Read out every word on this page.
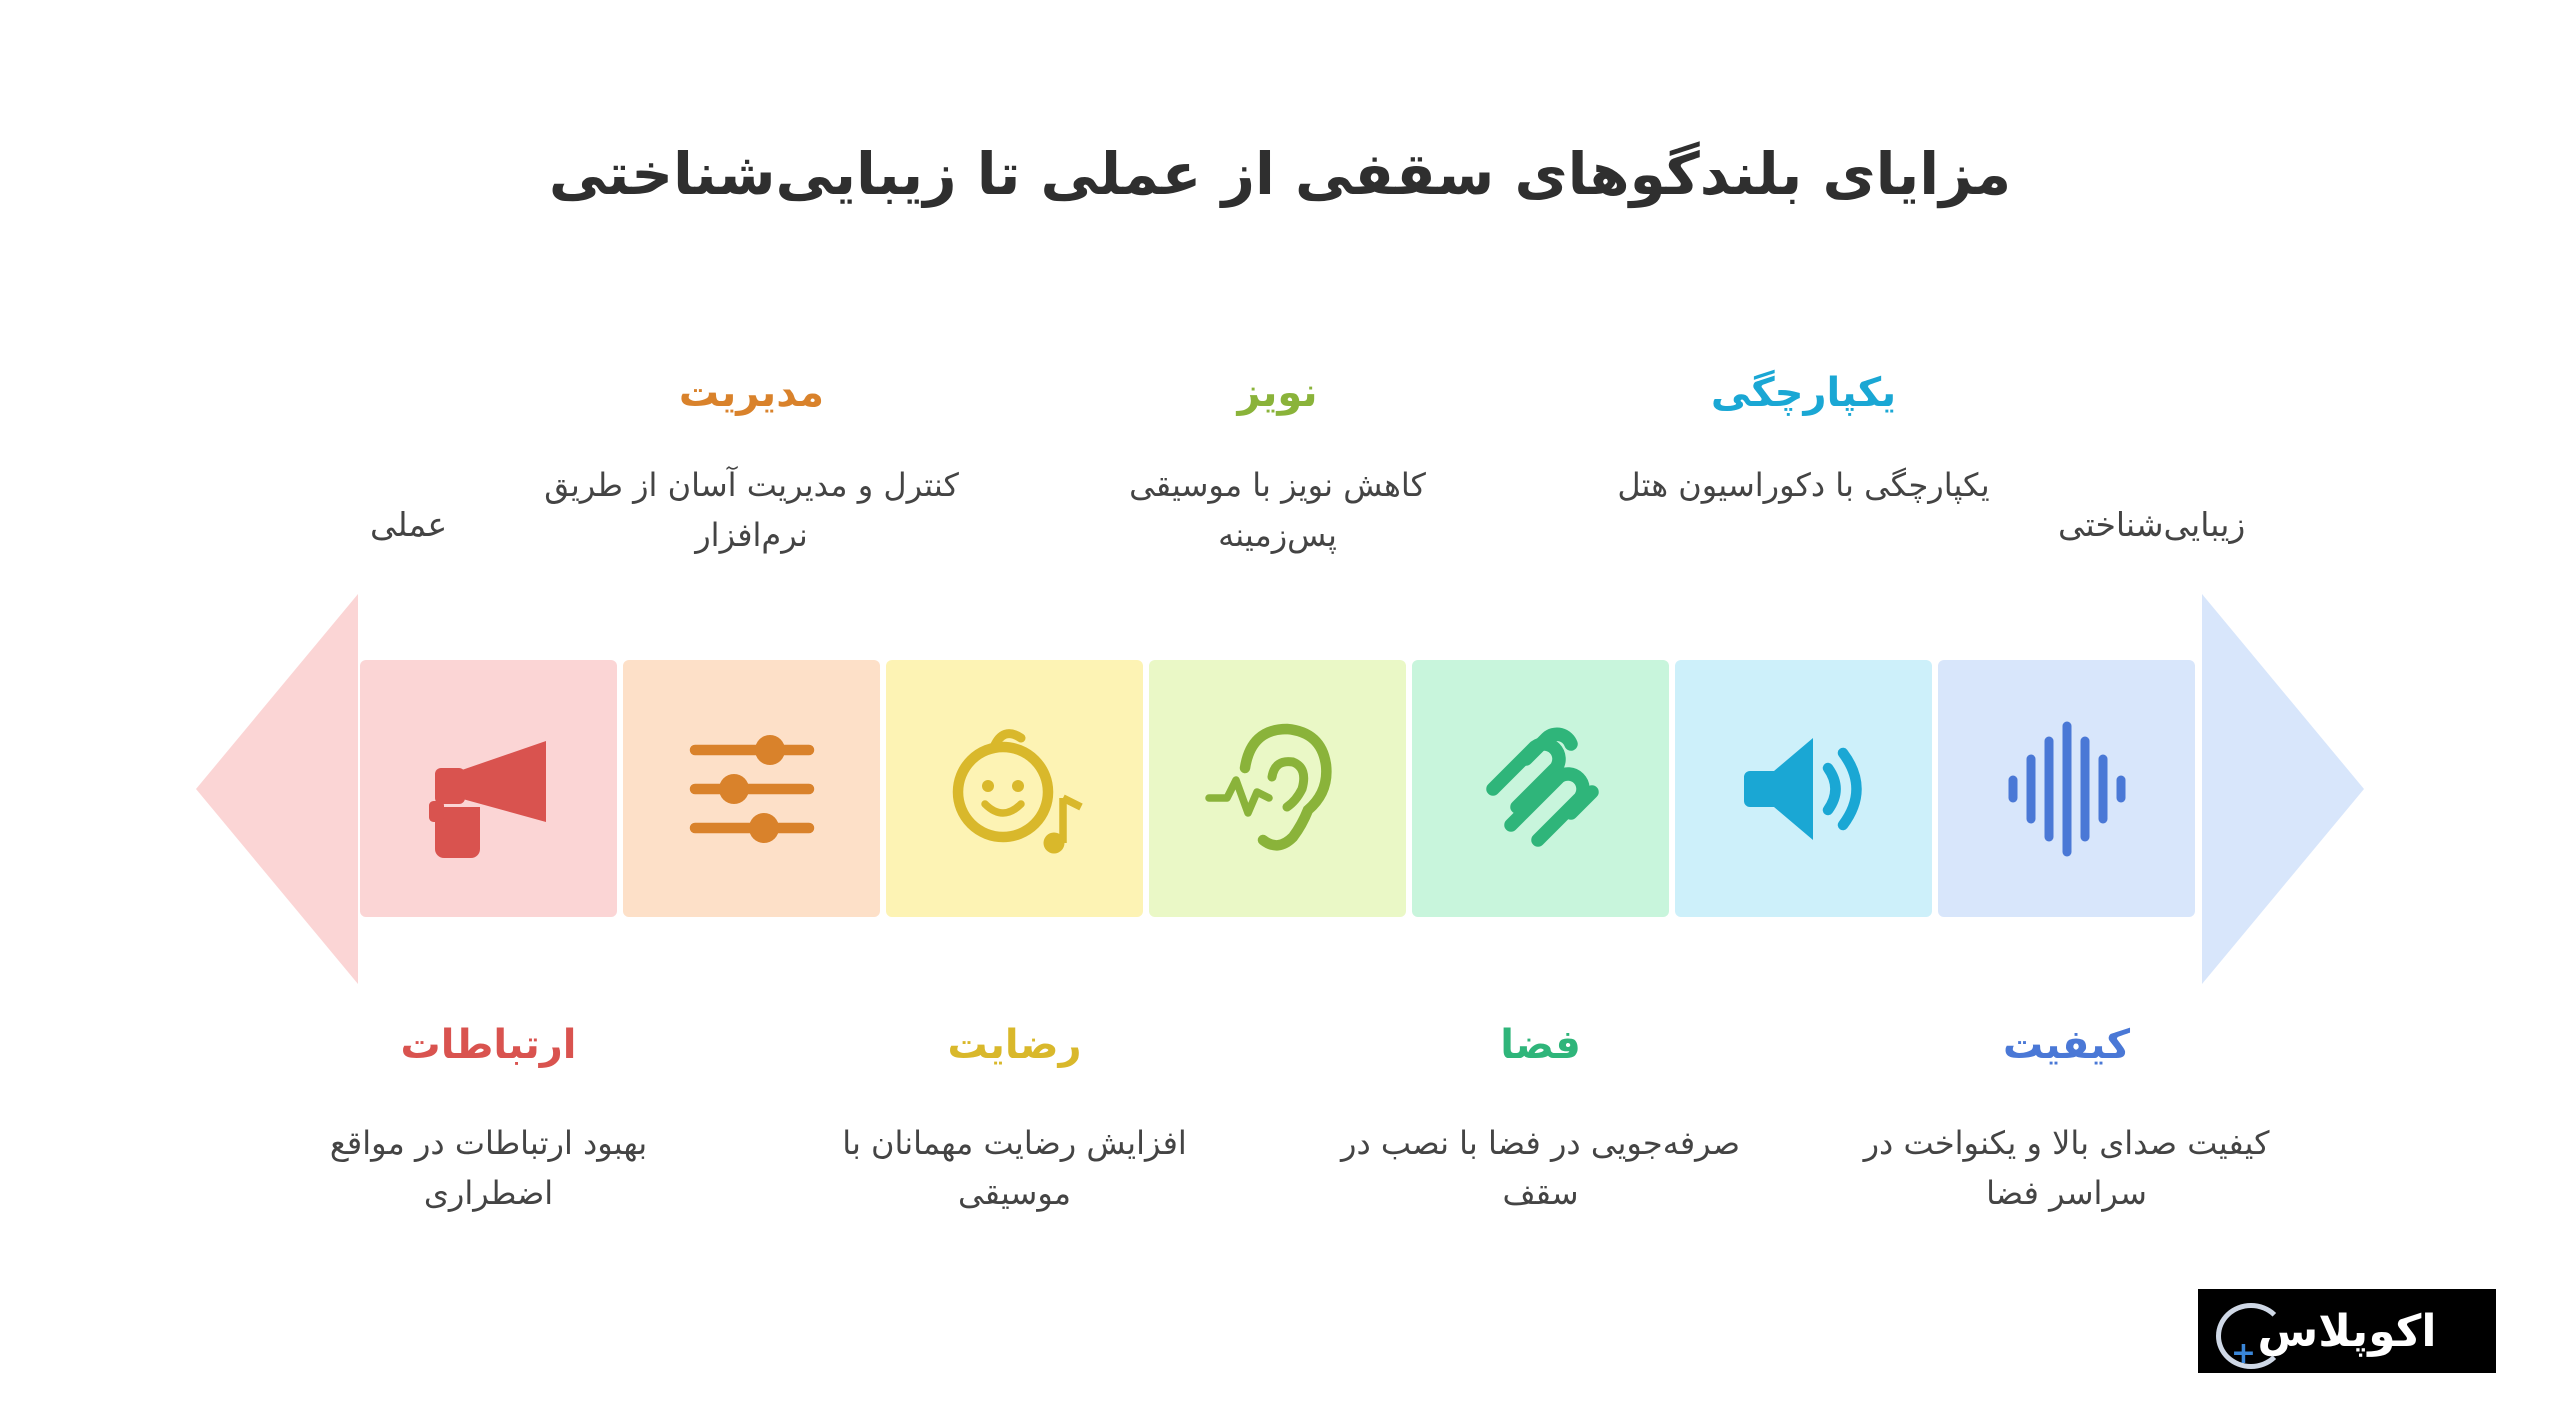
مزایای بلندگوهای سقفی از عملی تا زیبایی‌شناختی
عملی	زیبایی‌شناختی
ارتباطات
بهبود ارتباطات در مواقع اضطراری
مدیریت
کنترل و مدیریت آسان از طریق نرم‌افزار
رضایت
افزایش رضایت مهمانان با موسیقی
نویز
کاهش نویز با موسیقی پس‌زمینه
فضا
صرفه‌جویی در فضا با نصب در سقف
یکپارچگی
یکپارچگی با دکوراسیون هتل
کیفیت
کیفیت صدای بالا و یکنواخت در سراسر فضا
+ اکوپلاس
